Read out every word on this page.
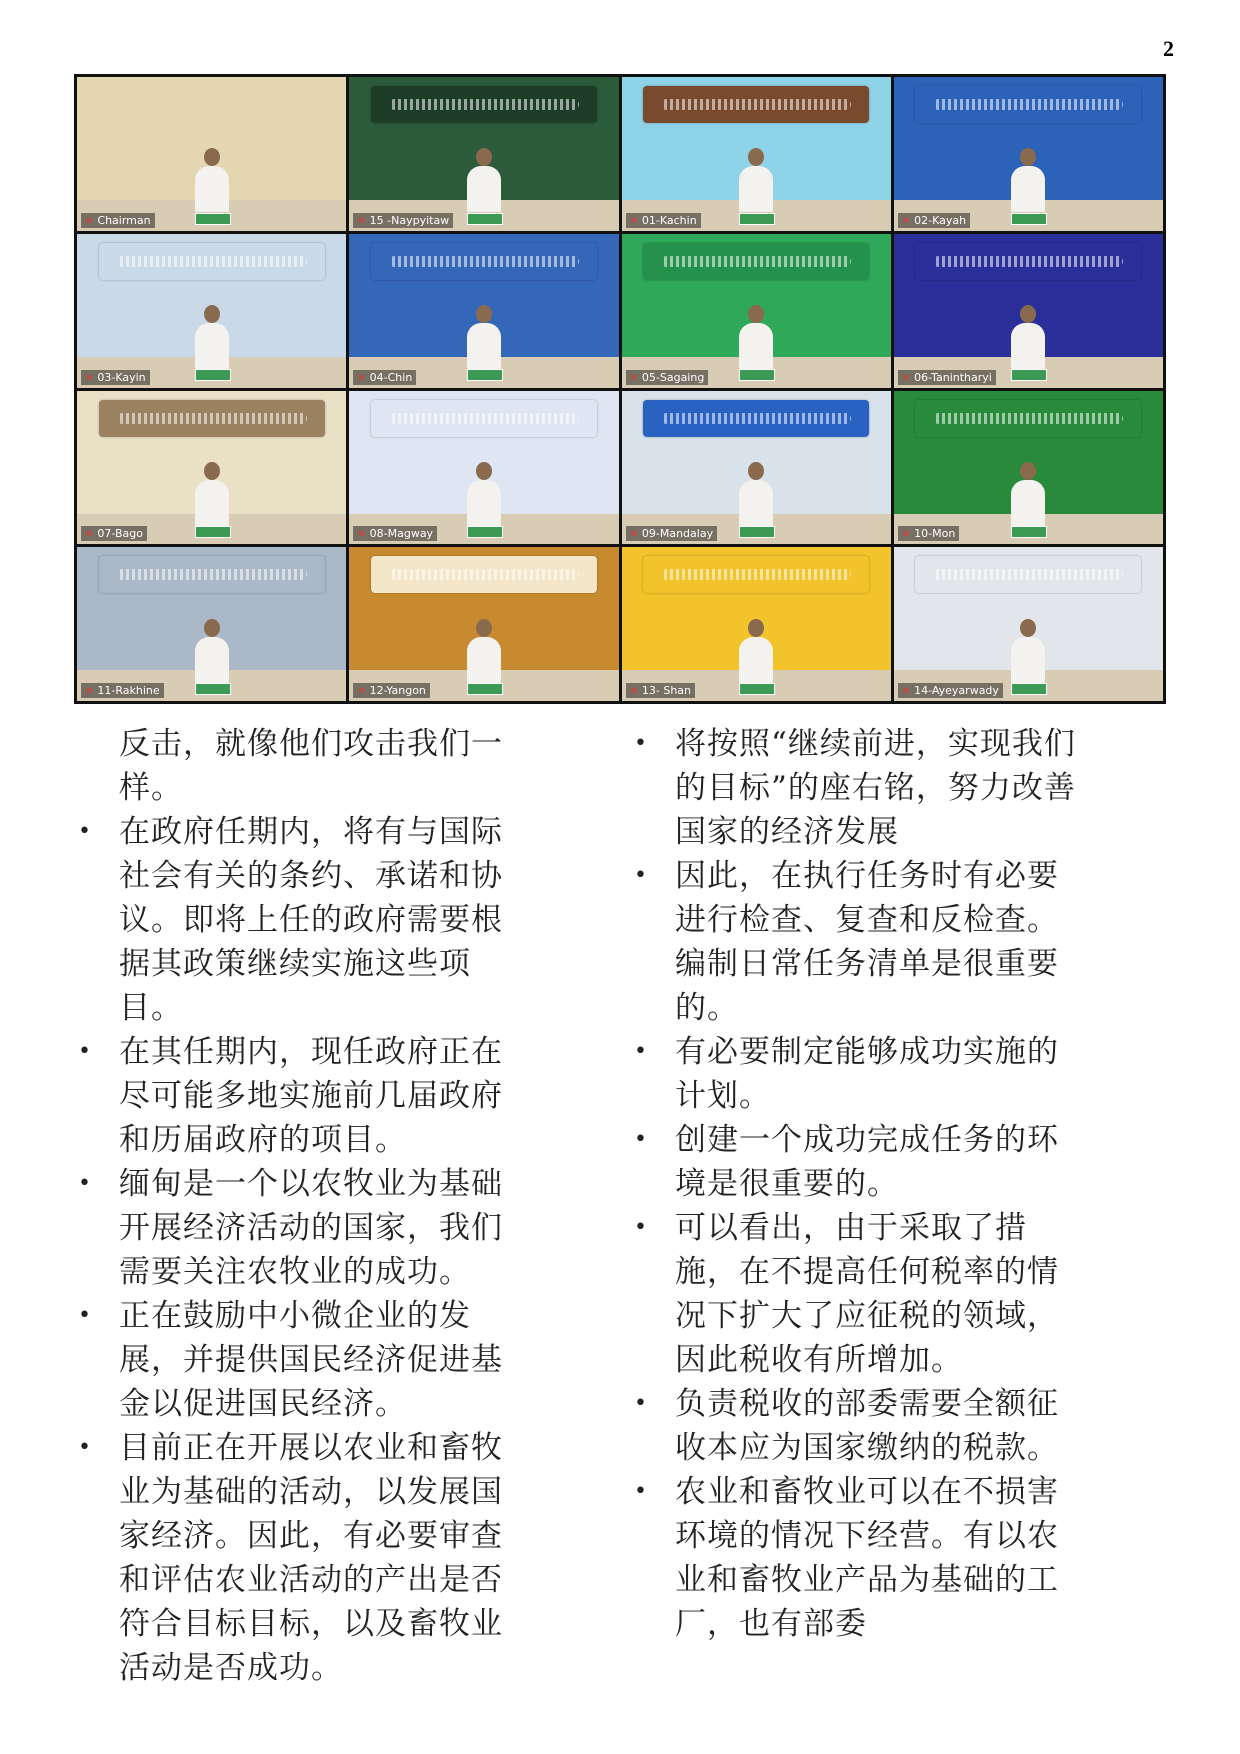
2
✕ Chairman	✕ 15 -Naypyitaw	✕ 01-Kachin	✕ 02-Kayah
✕ 03-Kayin	✕ 04-Chin	✕ 05-Sagaing	✕ 06-Tanintharyi
✕ 07-Bago	✕ 08-Magway	✕ 09-Mandalay	✕ 10-Mon
✕ 11-Rakhine	✕ 12-Yangon	✕ 13- Shan	✕ 14-Ayeyarwady

反击，就像他们攻击我们一样。

• 在政府任期内，将有与国际社会有关的条约、承诺和协议。即将上任的政府需要根据其政策继续实施这些项目。

• 在其任期内，现任政府正在尽可能多地实施前几届政府和历届政府的项目。

• 缅甸是一个以农牧业为基础开展经济活动的国家，我们需要关注农牧业的成功。

• 正在鼓励中小微企业的发展，并提供国民经济促进基金以促进国民经济。

• 目前正在开展以农业和畜牧业为基础的活动，以发展国家经济。因此，有必要审查和评估农业活动的产出是否符合目标目标，以及畜牧业活动是否成功。

• 将按照“继续前进，实现我们的目标”的座右铭，努力改善国家的经济发展

• 因此，在执行任务时有必要进行检查、复查和反检查。编制日常任务清单是很重要的。

• 有必要制定能够成功实施的计划。

• 创建一个成功完成任务的环境是很重要的。

• 可以看出，由于采取了措施，在不提高任何税率的情况下扩大了应征税的领域，因此税收有所增加。

• 负责税收的部委需要全额征收本应为国家缴纳的税款。

• 农业和畜牧业可以在不损害环境的情况下经营。有以农业和畜牧业产品为基础的工厂，也有部委
